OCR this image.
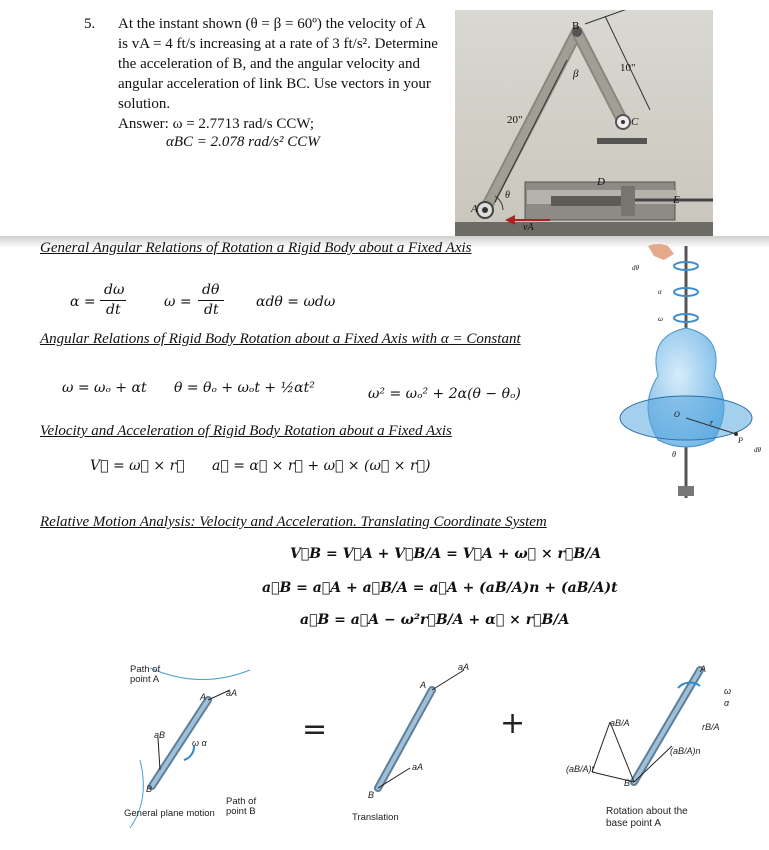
5. At the instant shown (θ = β = 60º) the velocity of A
is vA = 4 ft/s increasing at a rate of 3 ft/s². Determine
the acceleration of B, and the angular velocity and
angular acceleration of link BC. Use vectors in your
solution.
Answer: ω = 2.7713 rad/s CCW;
αBC = 2.078 rad/s² CCW
B
β	10"
20"	C
D
A
θ	E
vA
General Angular Relations of Rotation a Rigid Body about a Fixed Axis
α =
dω
dt	ω =
dθ
dt	αdθ = ωdω
Angular Relations of Rigid Body Rotation about a Fixed Axis with α = Constant
ω = ωₒ + αt θ = θₒ + ωₒt + ½αt²	ω² = ωₒ² + 2α(θ − θₒ)
Velocity and Acceleration of Rigid Body Rotation about a Fixed Axis
V⃗ = ω⃗ × r⃗ a⃗ = α⃗ × r⃗ + ω⃗ × (ω⃗ × r⃗)
Relative Motion Analysis: Velocity and Acceleration. Translating Coordinate System
V⃗B = V⃗A + V⃗B/A = V⃗A + ω⃗ × r⃗B/A
a⃗B = a⃗A + a⃗B/A = a⃗A + (aB/A)n + (aB/A)t
a⃗B = a⃗A − ω²r⃗B/A + α⃗ × r⃗B/A
dθ
α
ω
O
r
P
θ	dθ
Path of
point A
A aA
aB
ω α
B
Path of
point B
General plane motion
=
aA
A
aA
B
Translation
+
A
ω
α
aB/A	rB/A
(aB/A)n
(aB/A)t
B
Rotation about the
base point A
